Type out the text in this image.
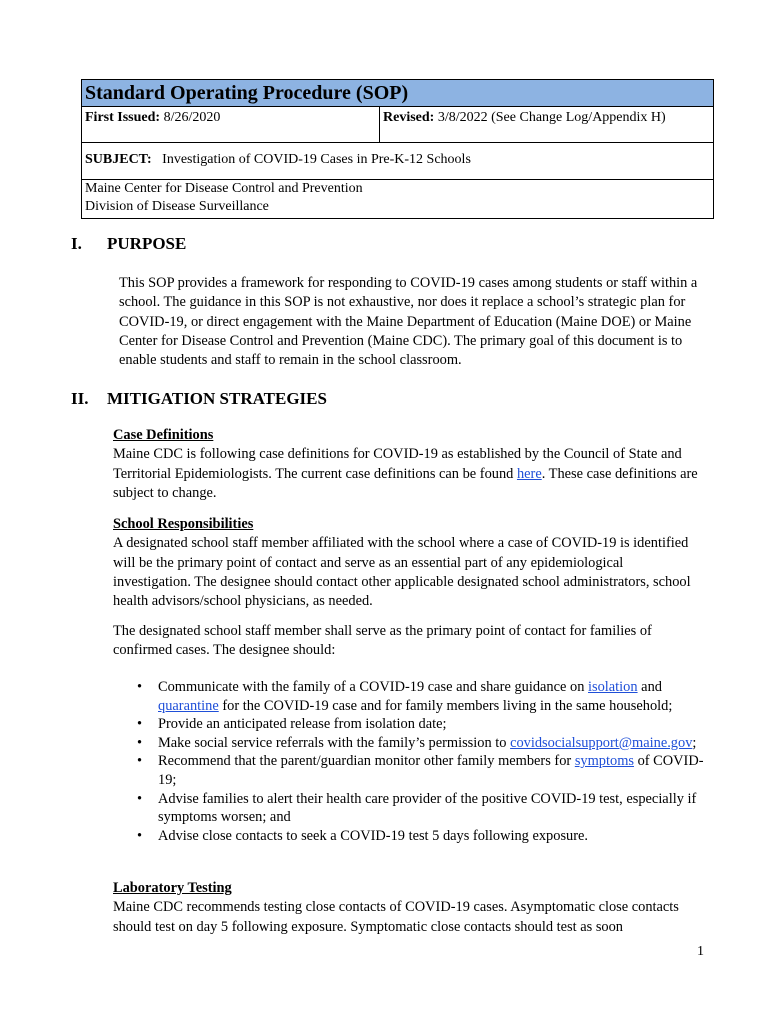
Standard Operating Procedure (SOP)
First Issued: 8/26/2020	Revised: 3/8/2022 (See Change Log/Appendix H)
SUBJECT: Investigation of COVID-19 Cases in Pre-K-12 Schools

Maine Center for Disease Control and Prevention
Division of Disease Surveillance
I. PURPOSE

This SOP provides a framework for responding to COVID-19 cases among students or staff within a school. The guidance in this SOP is not exhaustive, nor does it replace a school’s strategic plan for COVID-19, or direct engagement with the Maine Department of Education (Maine DOE) or Maine Center for Disease Control and Prevention (Maine CDC). The primary goal of this document is to enable students and staff to remain in the school classroom.

II. MITIGATION STRATEGIES

Case Definitions
Maine CDC is following case definitions for COVID-19 as established by the Council of State and Territorial Epidemiologists. The current case definitions can be found here. These case definitions are subject to change.

School Responsibilities
A designated school staff member affiliated with the school where a case of COVID-19 is identified will be the primary point of contact and serve as an essential part of any epidemiological investigation. The designee should contact other applicable designated school administrators, school health advisors/school physicians, as needed.

The designated school staff member shall serve as the primary point of contact for families of confirmed cases. The designee should:

• Communicate with the family of a COVID-19 case and share guidance on isolation and quarantine for the COVID-19 case and for family members living in the same household;
• Provide an anticipated release from isolation date;
• Make social service referrals with the family’s permission to covidsocialsupport@maine.gov;
• Recommend that the parent/guardian monitor other family members for symptoms of COVID-19;
• Advise families to alert their health care provider of the positive COVID-19 test, especially if symptoms worsen; and
• Advise close contacts to seek a COVID-19 test 5 days following exposure.

Laboratory Testing
Maine CDC recommends testing close contacts of COVID-19 cases. Asymptomatic close contacts should test on day 5 following exposure. Symptomatic close contacts should test as soon

1
